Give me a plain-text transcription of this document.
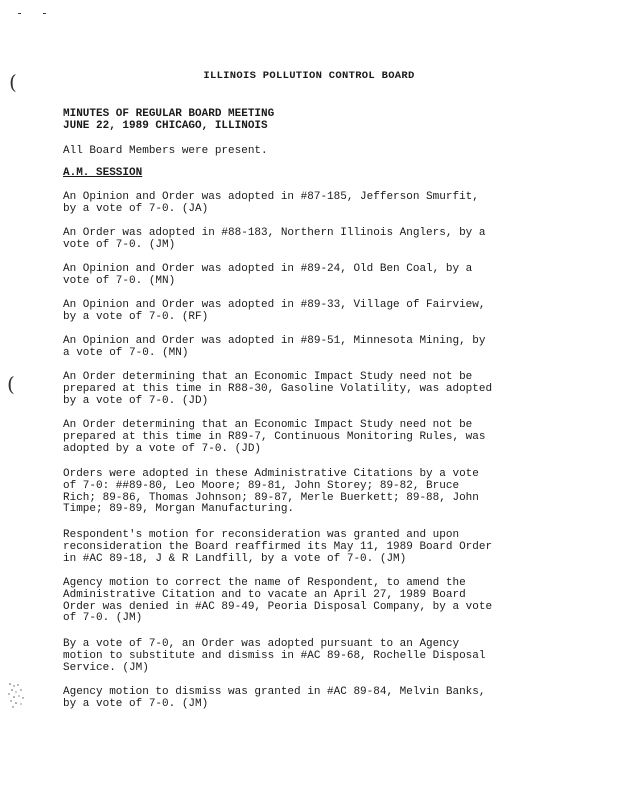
(
(
ILLINOIS POLLUTION CONTROL BOARD
MINUTES OF REGULAR BOARD MEETING
JUNE 22, 1989 CHICAGO, ILLINOIS
All Board Members were present.
A.M. SESSION
An Opinion and Order was adopted in #87-185, Jefferson Smurfit,
by a vote of 7-0. (JA)
An Order was adopted in #88-183, Northern Illinois Anglers, by a
vote of 7-0. (JM)
An Opinion and Order was adopted in #89-24, Old Ben Coal, by a
vote of 7-0. (MN)
An Opinion and Order was adopted in #89-33, Village of Fairview,
by a vote of 7-0. (RF)
An Opinion and Order was adopted in #89-51, Minnesota Mining, by
a vote of 7-0. (MN)
An Order determining that an Economic Impact Study need not be
prepared at this time in R88-30, Gasoline Volatility, was adopted
by a vote of 7-0. (JD)
An Order determining that an Economic Impact Study need not be
prepared at this time in R89-7, Continuous Monitoring Rules, was
adopted by a vote of 7-0. (JD)
Orders were adopted in these Administrative Citations by a vote
of 7-0: ##89-80, Leo Moore; 89-81, John Storey; 89-82, Bruce
Rich; 89-86, Thomas Johnson; 89-87, Merle Buerkett; 89-88, John
Timpe; 89-89, Morgan Manufacturing.
Respondent's motion for reconsideration was granted and upon
reconsideration the Board reaffirmed its May 11, 1989 Board Order
in #AC 89-18, J & R Landfill, by a vote of 7-0. (JM)
Agency motion to correct the name of Respondent, to amend the
Administrative Citation and to vacate an April 27, 1989 Board
Order was denied in #AC 89-49, Peoria Disposal Company, by a vote
of 7-0. (JM)
By a vote of 7-0, an Order was adopted pursuant to an Agency
motion to substitute and dismiss in #AC 89-68, Rochelle Disposal
Service. (JM)
Agency motion to dismiss was granted in #AC 89-84, Melvin Banks,
by a vote of 7-0. (JM)
